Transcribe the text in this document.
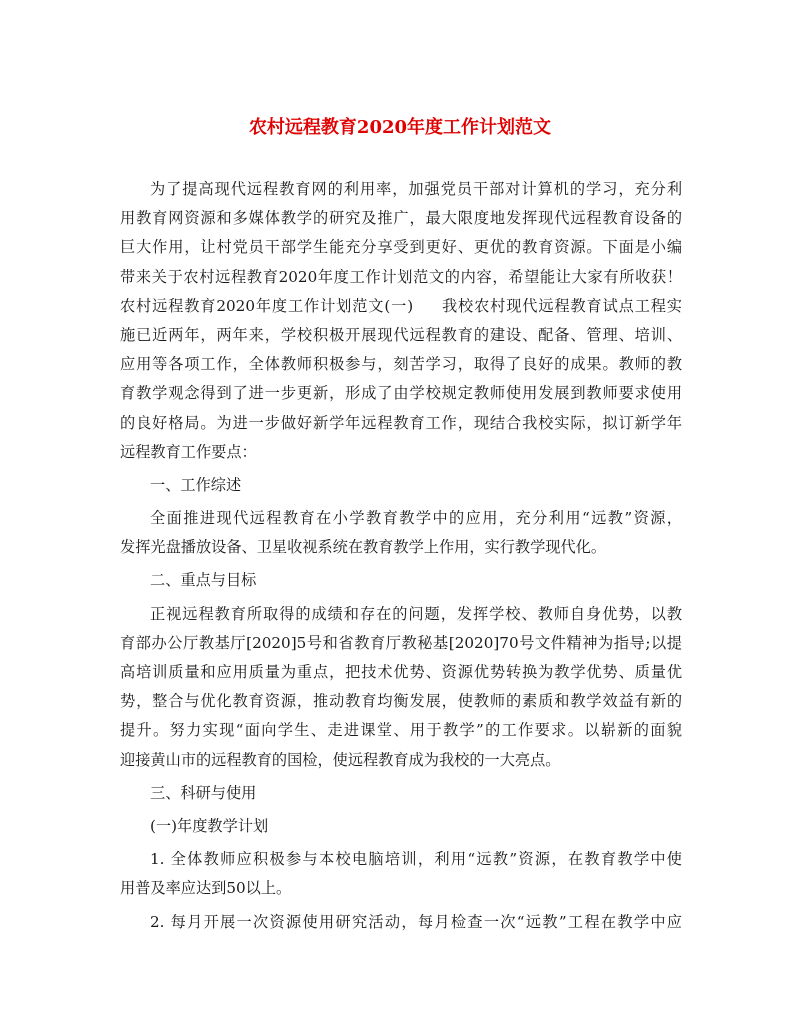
农村远程教育2020年度工作计划范文
为了提高现代远程教育网的利用率，加强党员干部对计算机的学习，充分利
用教育网资源和多媒体教学的研究及推广，最大限度地发挥现代远程教育设备的
巨大作用，让村党员干部学生能充分享受到更好、更优的教育资源。下面是小编
带来关于农村远程教育2020年度工作计划范文的内容，希望能让大家有所收获！
农村远程教育2020年度工作计划范文(一) 我校农村现代远程教育试点工程实
施已近两年，两年来，学校积极开展现代远程教育的建设、配备、管理、培训、
应用等各项工作，全体教师积极参与，刻苦学习，取得了良好的成果。教师的教
育教学观念得到了进一步更新，形成了由学校规定教师使用发展到教师要求使用
的良好格局。为进一步做好新学年远程教育工作，现结合我校实际，拟订新学年
远程教育工作要点：
一、工作综述
全面推进现代远程教育在小学教育教学中的应用，充分利用“远教”资源，
发挥光盘播放设备、卫星收视系统在教育教学上作用，实行教学现代化。
二、重点与目标
正视远程教育所取得的成绩和存在的问题，发挥学校、教师自身优势，以教
育部办公厅教基厅[2020]5号和省教育厅教秘基[2020]70号文件精神为指导;以提
高培训质量和应用质量为重点，把技术优势、资源优势转换为教学优势、质量优
势，整合与优化教育资源，推动教育均衡发展，使教师的素质和教学效益有新的
提升。努力实现“面向学生、走进课堂、用于教学”的工作要求。以崭新的面貌
迎接黄山市的远程教育的国检，使远程教育成为我校的一大亮点。
三、科研与使用
(一)年度教学计划
1. 全体教师应积极参与本校电脑培训，利用“远教”资源，在教育教学中使
用普及率应达到50以上。
2. 每月开展一次资源使用研究活动，每月检查一次“远教”工程在教学中应
